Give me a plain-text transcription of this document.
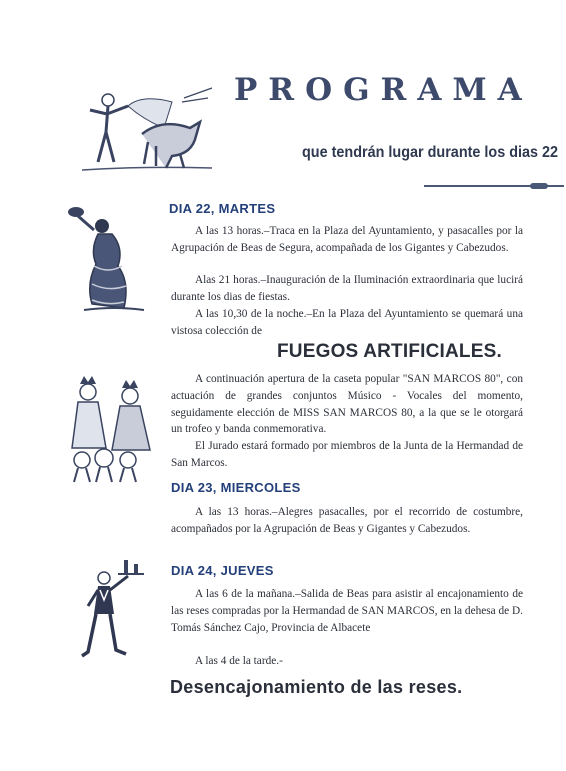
PROGRAMA
que tendrán lugar durante los dias 22
DIA 22, MARTES
A las 13 horas.–Traca en la Plaza del Ayuntamiento, y pasacalles por la Agrupación de Beas de Segura, acompañada de los Gigantes y Cabezudos.
Alas 21 horas.–Inauguración de la Iluminación extraordinaria que lucirá durante los dias de fiestas.
A las 10,30 de la noche.–En la Plaza del Ayuntamiento se quemará una vistosa colección de
FUEGOS ARTIFICIALES.
A continuación apertura de la caseta popular "SAN MARCOS 80", con actuación de grandes conjuntos Músico - Vocales del momento, seguidamente elección de MISS SAN MARCOS 80, a la que se le otorgará un trofeo y banda conmemorativa.
El Jurado estará formado por miembros de la Junta de la Hermandad de San Marcos.
DIA 23, MIERCOLES
A las 13 horas.–Alegres pasacalles, por el recorrido de costumbre, acompañados por la Agrupación de Beas y Gigantes y Cabezudos.
DIA 24, JUEVES
A las 6 de la mañana.–Salida de Beas para asistir al encajonamiento de las reses compradas por la Hermandad de SAN MARCOS, en la dehesa de D. Tomás Sánchez Cajo, Provincia de Albacete
A las 4 de la tarde.-
Desencajonamiento de las reses.
